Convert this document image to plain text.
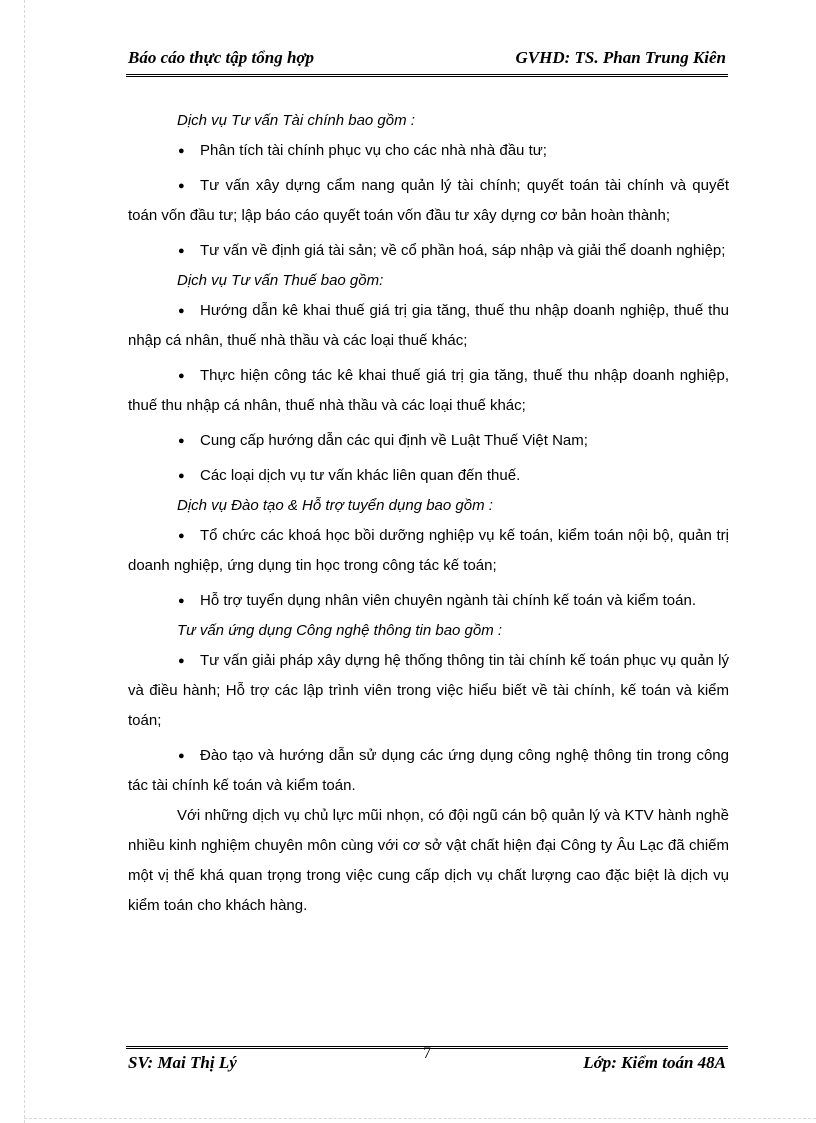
Báo cáo thực tập tổng hợp	GVHD: TS. Phan Trung Kiên

Dịch vụ Tư vấn Tài chính bao gồm :

● Phân tích tài chính phục vụ cho các nhà nhà đầu tư;

● Tư vấn xây dựng cẩm nang quản lý tài chính; quyết toán tài chính và quyết toán vốn đầu tư; lập báo cáo quyết toán vốn đầu tư xây dựng cơ bản hoàn thành;

● Tư vấn về định giá tài sản; về cổ phần hoá, sáp nhập và giải thể doanh nghiệp;

Dịch vụ Tư vấn Thuế bao gồm:

● Hướng dẫn kê khai thuế giá trị gia tăng, thuế thu nhập doanh nghiệp, thuế thu nhập cá nhân, thuế nhà thầu và các loại thuế khác;

● Thực hiện công tác kê khai thuế giá trị gia tăng, thuế thu nhập doanh nghiệp, thuế thu nhập cá nhân, thuế nhà thầu và các loại thuế khác;

● Cung cấp hướng dẫn các qui định về Luật Thuế Việt Nam;

● Các loại dịch vụ tư vấn khác liên quan đến thuế.

Dịch vụ Đào tạo & Hỗ trợ tuyển dụng bao gồm :

● Tổ chức các khoá học bồi dưỡng nghiệp vụ kế toán, kiểm toán nội bộ, quản trị doanh nghiệp, ứng dụng tin học trong công tác kế toán;

● Hỗ trợ tuyển dụng nhân viên chuyên ngành tài chính kế toán và kiểm toán.

Tư vấn ứng dụng Công nghệ thông tin bao gồm :

● Tư vấn giải pháp xây dựng hệ thống thông tin tài chính kế toán phục vụ quản lý và điều hành; Hỗ trợ các lập trình viên trong việc hiểu biết về tài chính, kế toán và kiểm toán;

● Đào tạo và hướng dẫn sử dụng các ứng dụng công nghệ thông tin trong công tác tài chính kế toán và kiểm toán.

Với những dịch vụ chủ lực mũi nhọn, có đội ngũ cán bộ quản lý và KTV hành nghề nhiều kinh nghiệm chuyên môn cùng với cơ sở vật chất hiện đại Công ty Âu Lạc đã chiếm một vị thế khá quan trọng trong việc cung cấp dịch vụ chất lượng cao đặc biệt là dịch vụ kiểm toán cho khách hàng.

SV: Mai Thị Lý	7	Lớp: Kiểm toán 48A
